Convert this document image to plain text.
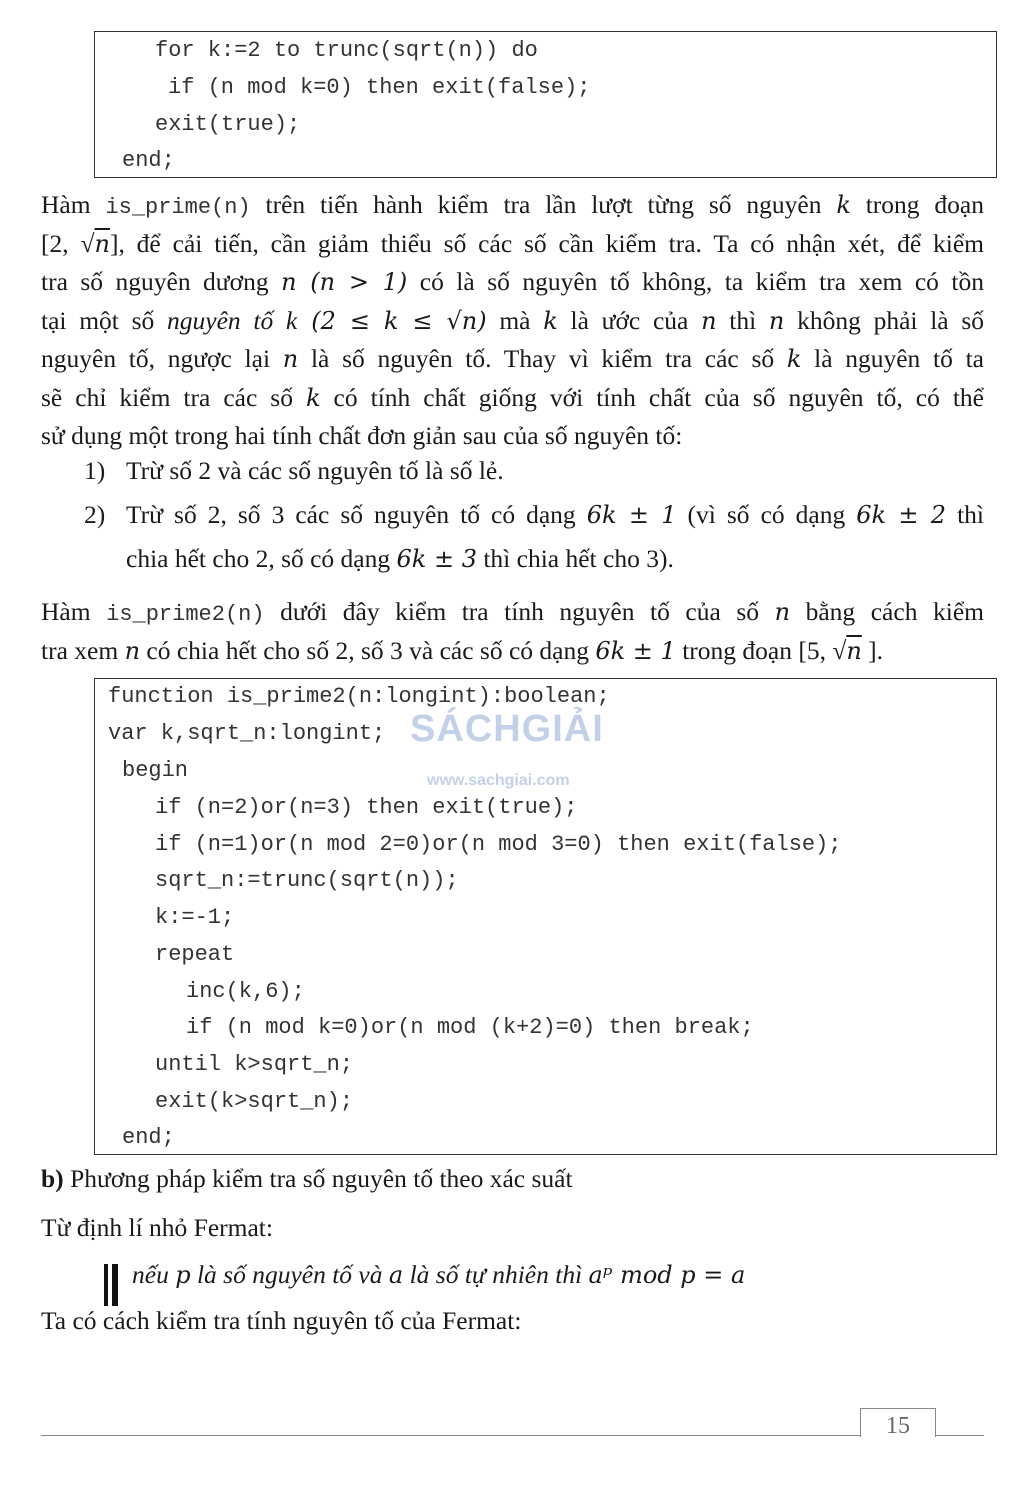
for k:=2 to trunc(sqrt(n)) do
if (n mod k=0) then exit(false);
exit(true);
end;
Hàm is_prime(n) trên tiến hành kiểm tra lần lượt từng số nguyên k trong đoạn
[2, √n], để cải tiến, cần giảm thiểu số các số cần kiểm tra. Ta có nhận xét, để kiểm
tra số nguyên dương n (n > 1) có là số nguyên tố không, ta kiểm tra xem có tồn
tại một số nguyên tố k (2 ≤ k ≤ √n) mà k là ước của n thì n không phải là số
nguyên tố, ngược lại n là số nguyên tố. Thay vì kiểm tra các số k là nguyên tố ta
sẽ chỉ kiểm tra các số k có tính chất giống với tính chất của số nguyên tố, có thể
sử dụng một trong hai tính chất đơn giản sau của số nguyên tố:
1) Trừ số 2 và các số nguyên tố là số lẻ.
2) Trừ số 2, số 3 các số nguyên tố có dạng 6k ± 1 (vì số có dạng 6k ± 2 thì
chia hết cho 2, số có dạng 6k ± 3 thì chia hết cho 3).
Hàm is_prime2(n) dưới đây kiểm tra tính nguyên tố của số n bằng cách kiểm
tra xem n có chia hết cho số 2, số 3 và các số có dạng 6k ± 1 trong đoạn [5, √n ].
function is_prime2(n:longint):boolean;
var k,sqrt_n:longint;
begin
if (n=2)or(n=3) then exit(true);
if (n=1)or(n mod 2=0)or(n mod 3=0) then exit(false);
sqrt_n:=trunc(sqrt(n));
k:=-1;
repeat
inc(k,6);
if (n mod k=0)or(n mod (k+2)=0) then break;
until k>sqrt_n;
exit(k>sqrt_n);
end;
SÁCHGIẢI
www.sachgiai.com
b) Phương pháp kiểm tra số nguyên tố theo xác suất
Từ định lí nhỏ Fermat:
nếu p là số nguyên tố và a là số tự nhiên thì aᵖ mod p = a
Ta có cách kiểm tra tính nguyên tố của Fermat:
15
